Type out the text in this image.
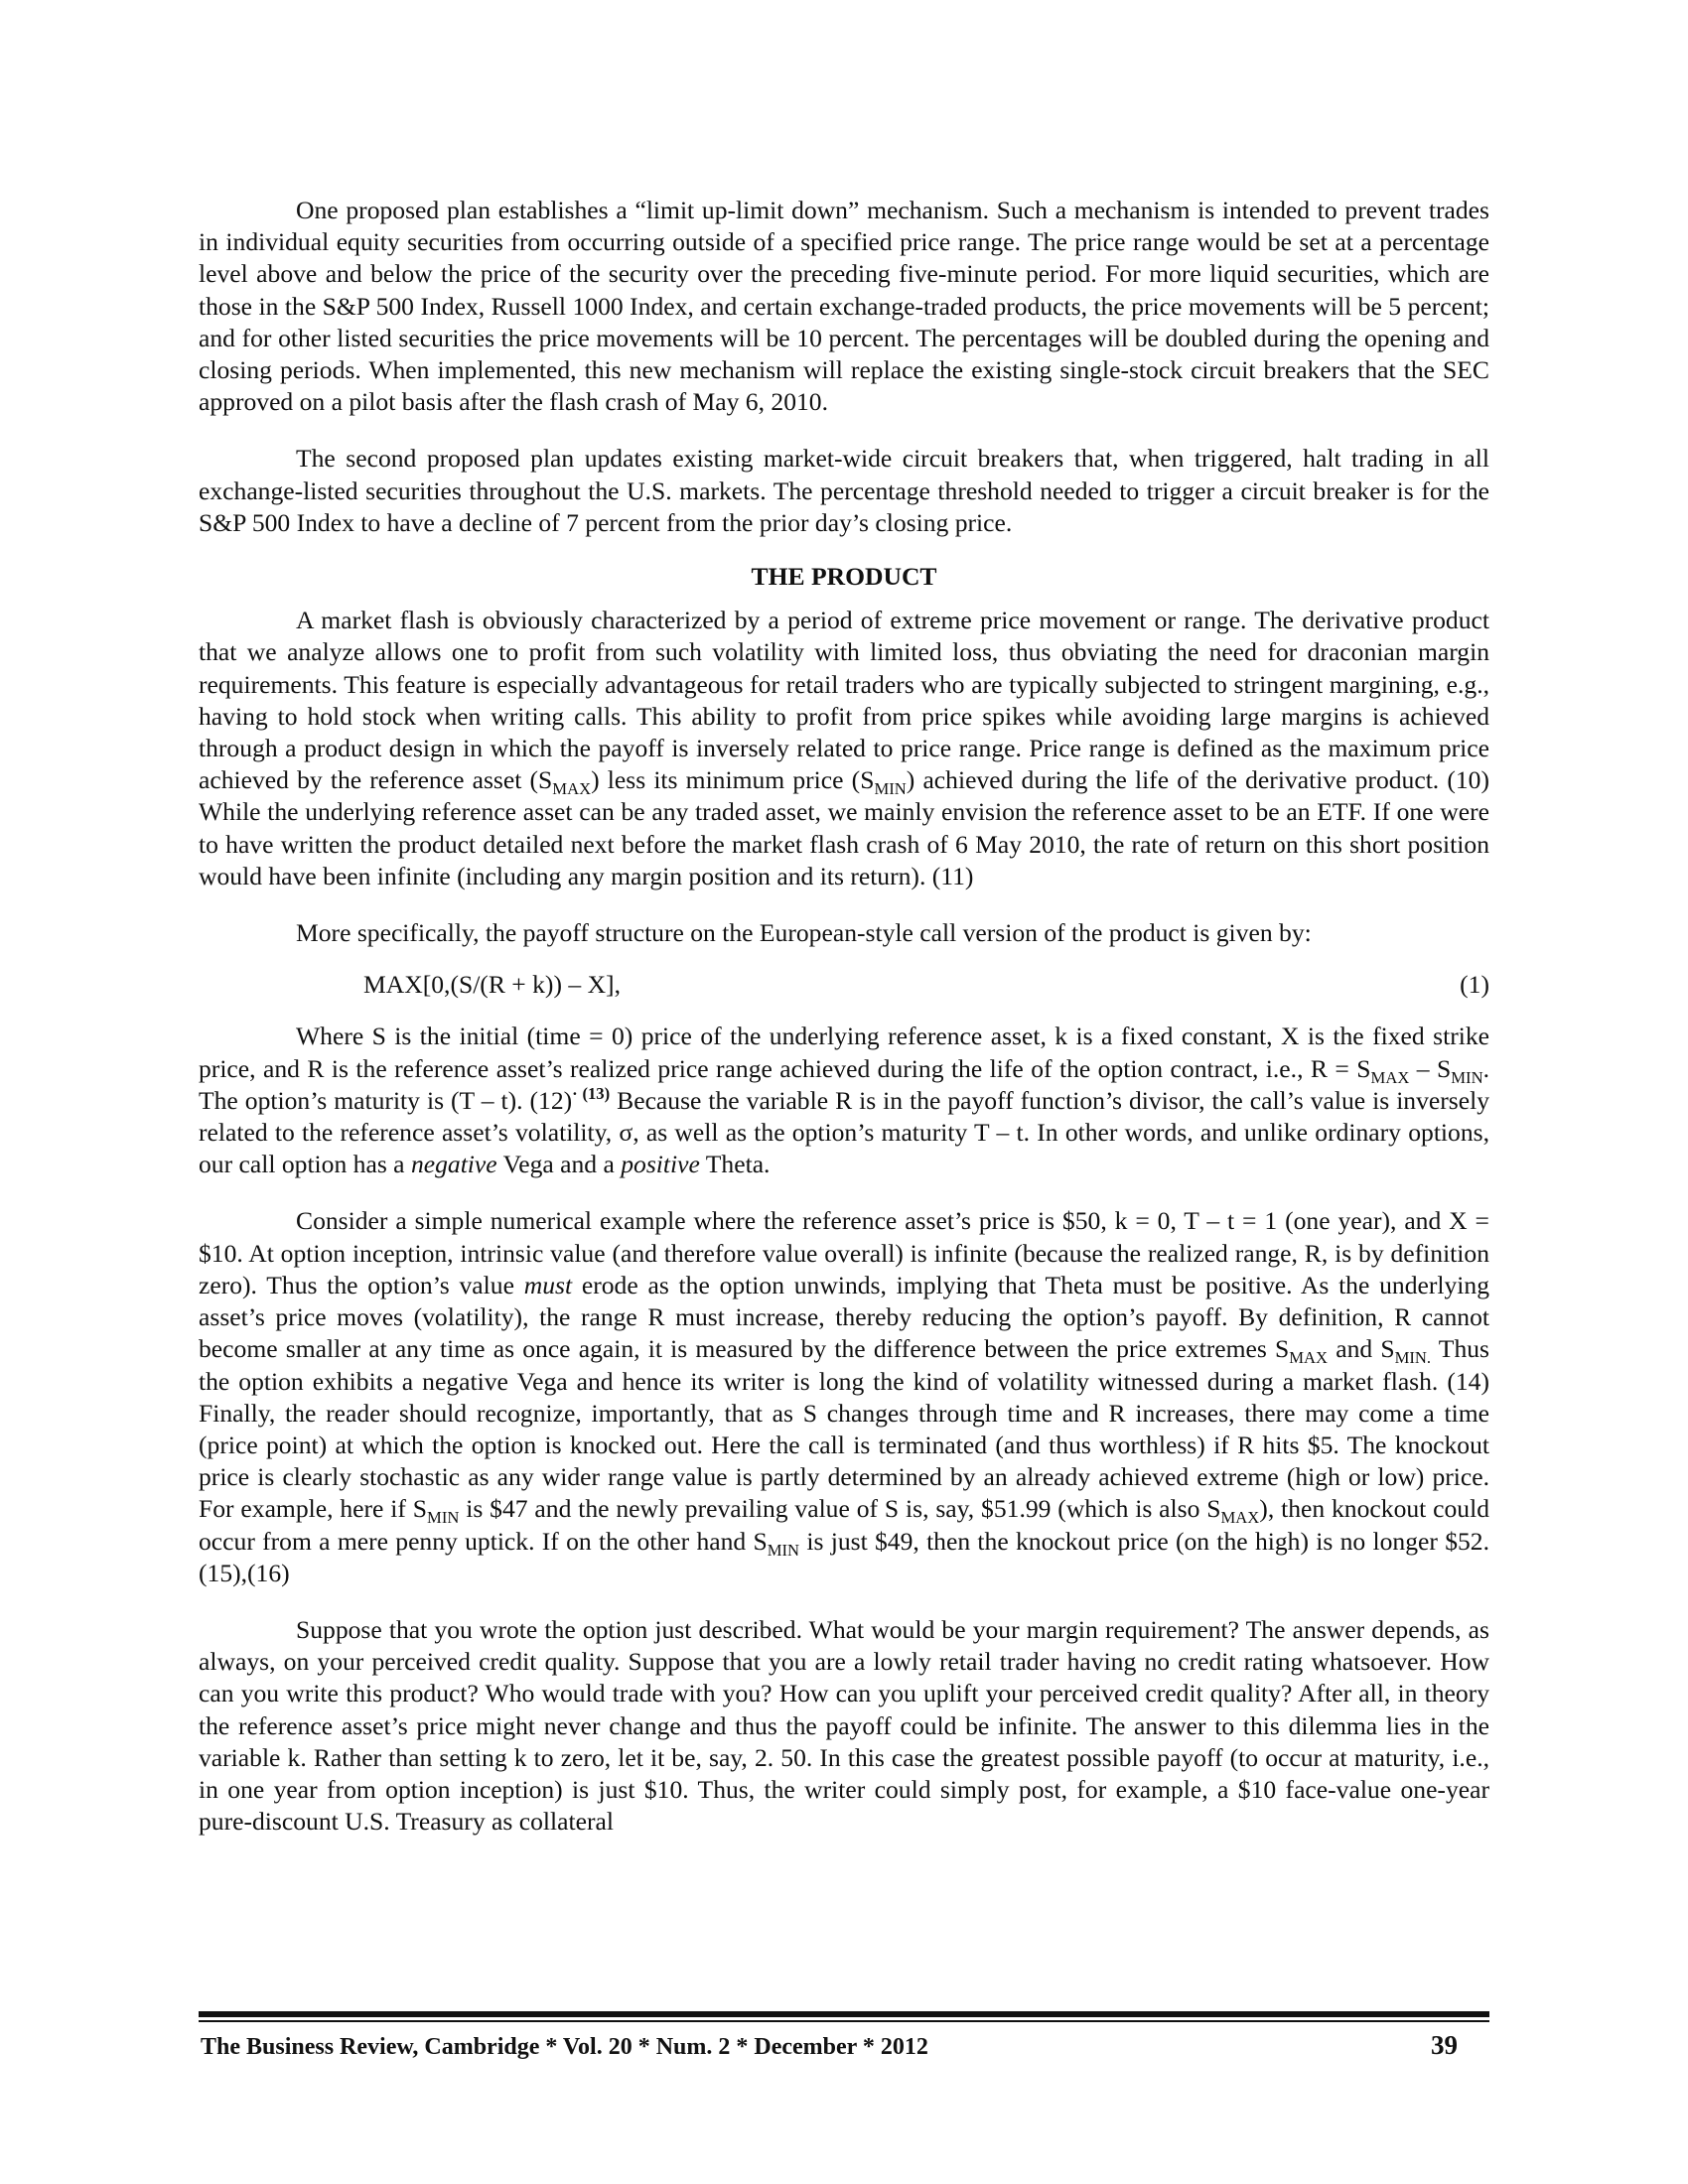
One proposed plan establishes a “limit up-limit down” mechanism. Such a mechanism is intended to prevent trades in individual equity securities from occurring outside of a specified price range. The price range would be set at a percentage level above and below the price of the security over the preceding five-minute period. For more liquid securities, which are those in the S&P 500 Index, Russell 1000 Index, and certain exchange-traded products, the price movements will be 5 percent; and for other listed securities the price movements will be 10 percent. The percentages will be doubled during the opening and closing periods. When implemented, this new mechanism will replace the existing single-stock circuit breakers that the SEC approved on a pilot basis after the flash crash of May 6, 2010.

The second proposed plan updates existing market-wide circuit breakers that, when triggered, halt trading in all exchange-listed securities throughout the U.S. markets. The percentage threshold needed to trigger a circuit breaker is for the S&P 500 Index to have a decline of 7 percent from the prior day’s closing price.

THE PRODUCT

A market flash is obviously characterized by a period of extreme price movement or range. The derivative product that we analyze allows one to profit from such volatility with limited loss, thus obviating the need for draconian margin requirements. This feature is especially advantageous for retail traders who are typically subjected to stringent margining, e.g., having to hold stock when writing calls. This ability to profit from price spikes while avoiding large margins is achieved through a product design in which the payoff is inversely related to price range. Price range is defined as the maximum price achieved by the reference asset $(S_{MAX})$ less its minimum price $(S_{MIN})$ achieved during the life of the derivative product. (10) While the underlying reference asset can be any traded asset, we mainly envision the reference asset to be an ETF. If one were to have written the product detailed next before the market flash crash of 6 May 2010, the rate of return on this short position would have been infinite (including any margin position and its return). (11)

More specifically, the payoff structure on the European-style call version of the product is given by:

MAX[0,(S/(R + k)) – X],	(1)

Where S is the initial (time = 0) price of the underlying reference asset, k is a fixed constant, X is the fixed strike price, and R is the reference asset’s realized price range achieved during the life of the option contract, i.e., $R = S_{MAX} - S_{MIN}$. The option’s maturity is (T – t). $(12)^{\cdot (13)}$ Because the variable R is in the payoff function’s divisor, the call’s value is inversely related to the reference asset’s volatility, σ, as well as the option’s maturity T – t. In other words, and unlike ordinary options, our call option has a negative Vega and a positive Theta.

Consider a simple numerical example where the reference asset’s price is $50, k = 0, T – t = 1 (one year), and X = $10. At option inception, intrinsic value (and therefore value overall) is infinite (because the realized range, R, is by definition zero). Thus the option’s value must erode as the option unwinds, implying that Theta must be positive. As the underlying asset’s price moves (volatility), the range R must increase, thereby reducing the option’s payoff. By definition, R cannot become smaller at any time as once again, it is measured by the difference between the price extremes $S_{MAX}$ and $S_{MIN.}$ Thus the option exhibits a negative Vega and hence its writer is long the kind of volatility witnessed during a market flash. (14) Finally, the reader should recognize, importantly, that as S changes through time and R increases, there may come a time (price point) at which the option is knocked out. Here the call is terminated (and thus worthless) if R hits $5. The knockout price is clearly stochastic as any wider range value is partly determined by an already achieved extreme (high or low) price. For example, here if $S_{MIN}$ is $47 and the newly prevailing value of S is, say, $51.99 (which is also $S_{MAX}$), then knockout could occur from a mere penny uptick. If on the other hand $S_{MIN}$ is just $49, then the knockout price (on the high) is no longer $52. (15),(16)

Suppose that you wrote the option just described. What would be your margin requirement? The answer depends, as always, on your perceived credit quality. Suppose that you are a lowly retail trader having no credit rating whatsoever. How can you write this product? Who would trade with you? How can you uplift your perceived credit quality? After all, in theory the reference asset’s price might never change and thus the payoff could be infinite. The answer to this dilemma lies in the variable k. Rather than setting k to zero, let it be, say, 2. 50. In this case the greatest possible payoff (to occur at maturity, i.e., in one year from option inception) is just $10. Thus, the writer could simply post, for example, a $10 face-value one-year pure-discount U.S. Treasury as collateral

The Business Review, Cambridge * Vol. 20 * Num. 2 * December * 2012	39
